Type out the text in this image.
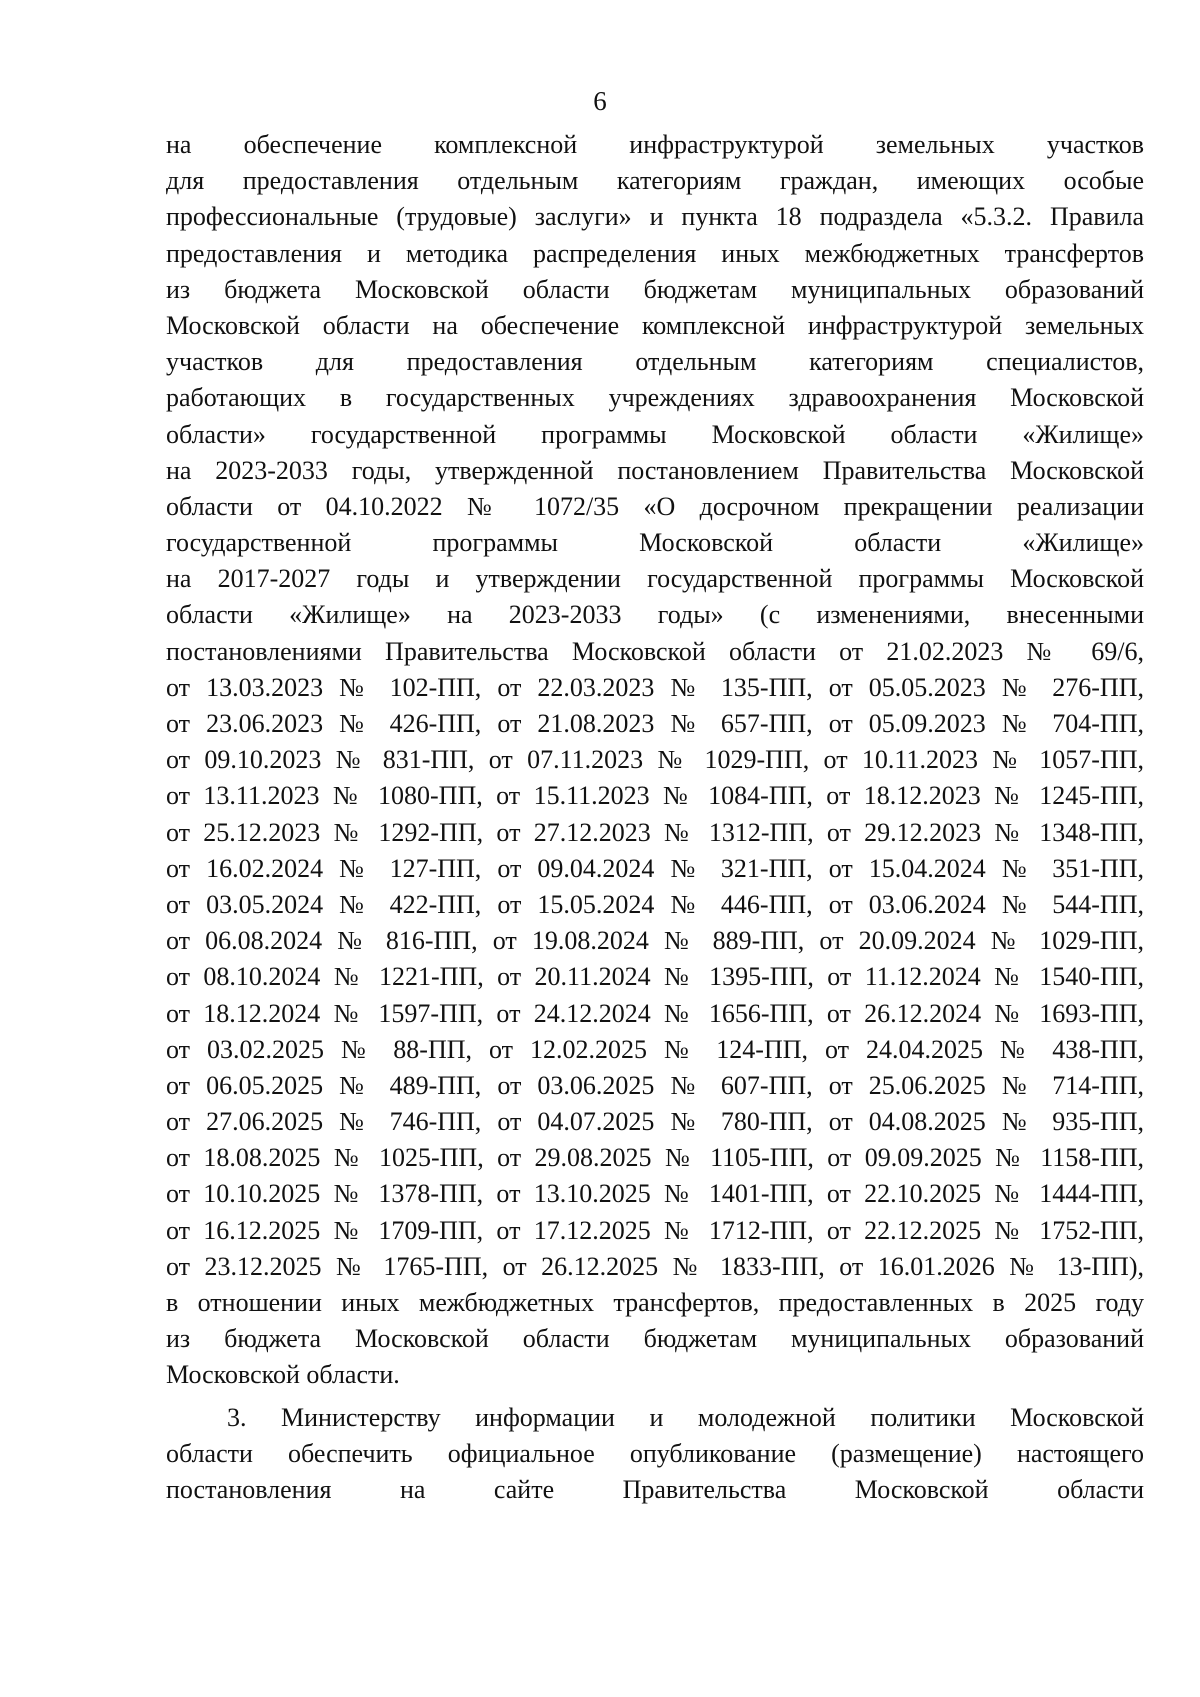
6
на обеспечение комплексной инфраструктурой земельных участков
для предоставления отдельным категориям граждан, имеющих особые
профессиональные (трудовые) заслуги» и пункта 18 подраздела «5.3.2. Правила
предоставления и методика распределения иных межбюджетных трансфертов
из бюджета Московской области бюджетам муниципальных образований
Московской области на обеспечение комплексной инфраструктурой земельных
участков для предоставления отдельным категориям специалистов,
работающих в государственных учреждениях здравоохранения Московской
области» государственной программы Московской области «Жилище»
на 2023-2033 годы, утвержденной постановлением Правительства Московской
области от 04.10.2022 № 1072/35 «О досрочном прекращении реализации
государственной программы Московской области «Жилище»
на 2017-2027 годы и утверждении государственной программы Московской
области «Жилище» на 2023-2033 годы» (с изменениями, внесенными
постановлениями Правительства Московской области от 21.02.2023 № 69/6,
от 13.03.2023 № 102-ПП, от 22.03.2023 № 135-ПП, от 05.05.2023 № 276-ПП,
от 23.06.2023 № 426-ПП, от 21.08.2023 № 657-ПП, от 05.09.2023 № 704-ПП,
от 09.10.2023 № 831-ПП, от 07.11.2023 № 1029-ПП, от 10.11.2023 № 1057-ПП,
от 13.11.2023 № 1080-ПП, от 15.11.2023 № 1084-ПП, от 18.12.2023 № 1245-ПП,
от 25.12.2023 № 1292-ПП, от 27.12.2023 № 1312-ПП, от 29.12.2023 № 1348-ПП,
от 16.02.2024 № 127-ПП, от 09.04.2024 № 321-ПП, от 15.04.2024 № 351-ПП,
от 03.05.2024 № 422-ПП, от 15.05.2024 № 446-ПП, от 03.06.2024 № 544-ПП,
от 06.08.2024 № 816-ПП, от 19.08.2024 № 889-ПП, от 20.09.2024 № 1029-ПП,
от 08.10.2024 № 1221-ПП, от 20.11.2024 № 1395-ПП, от 11.12.2024 № 1540-ПП,
от 18.12.2024 № 1597-ПП, от 24.12.2024 № 1656-ПП, от 26.12.2024 № 1693-ПП,
от 03.02.2025 № 88-ПП, от 12.02.2025 № 124-ПП, от 24.04.2025 № 438-ПП,
от 06.05.2025 № 489-ПП, от 03.06.2025 № 607-ПП, от 25.06.2025 № 714-ПП,
от 27.06.2025 № 746-ПП, от 04.07.2025 № 780-ПП, от 04.08.2025 № 935-ПП,
от 18.08.2025 № 1025-ПП, от 29.08.2025 № 1105-ПП, от 09.09.2025 № 1158-ПП,
от 10.10.2025 № 1378-ПП, от 13.10.2025 № 1401-ПП, от 22.10.2025 № 1444-ПП,
от 16.12.2025 № 1709-ПП, от 17.12.2025 № 1712-ПП, от 22.12.2025 № 1752-ПП,
от 23.12.2025 № 1765-ПП, от 26.12.2025 № 1833-ПП, от 16.01.2026 № 13-ПП),
в отношении иных межбюджетных трансфертов, предоставленных в 2025 году
из бюджета Московской области бюджетам муниципальных образований
Московской области.
3. Министерству информации и молодежной политики Московской
области обеспечить официальное опубликование (размещение) настоящего
постановления на сайте Правительства Московской области
